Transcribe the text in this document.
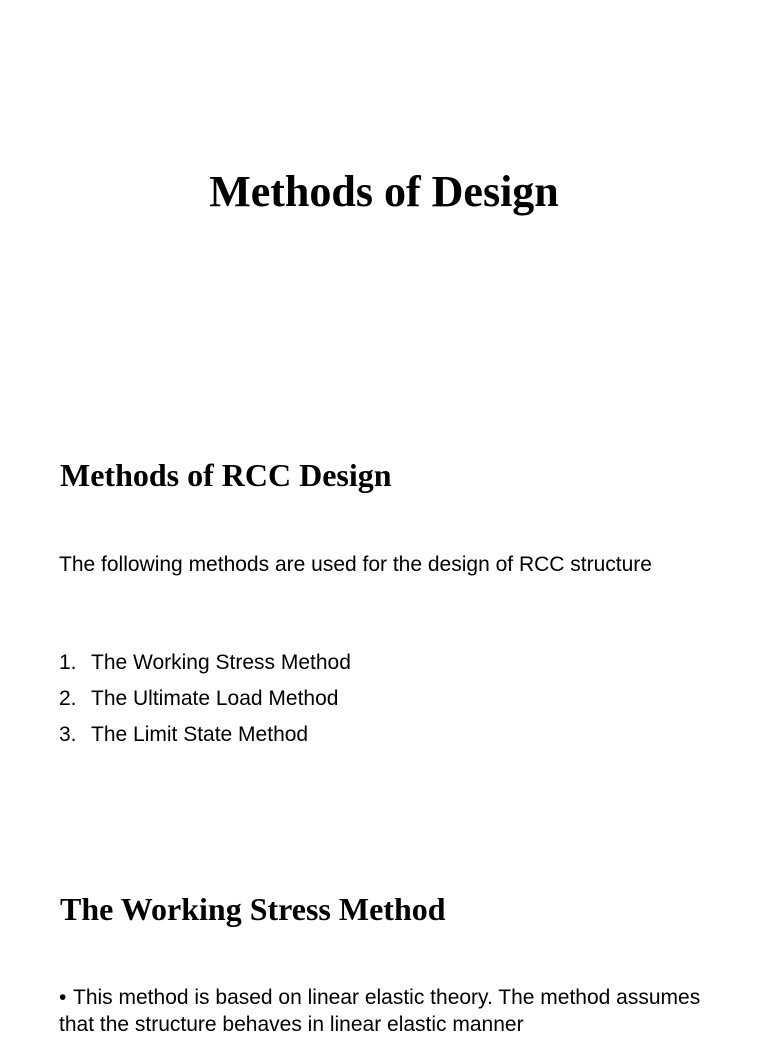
Methods of Design
Methods of RCC Design

The following methods are used for the design of RCC structure

1. The Working Stress Method
2. The Ultimate Load Method
3. The Limit State Method
The Working Stress Method

• This method is based on linear elastic theory. The method assumes that the structure behaves in linear elastic manner
